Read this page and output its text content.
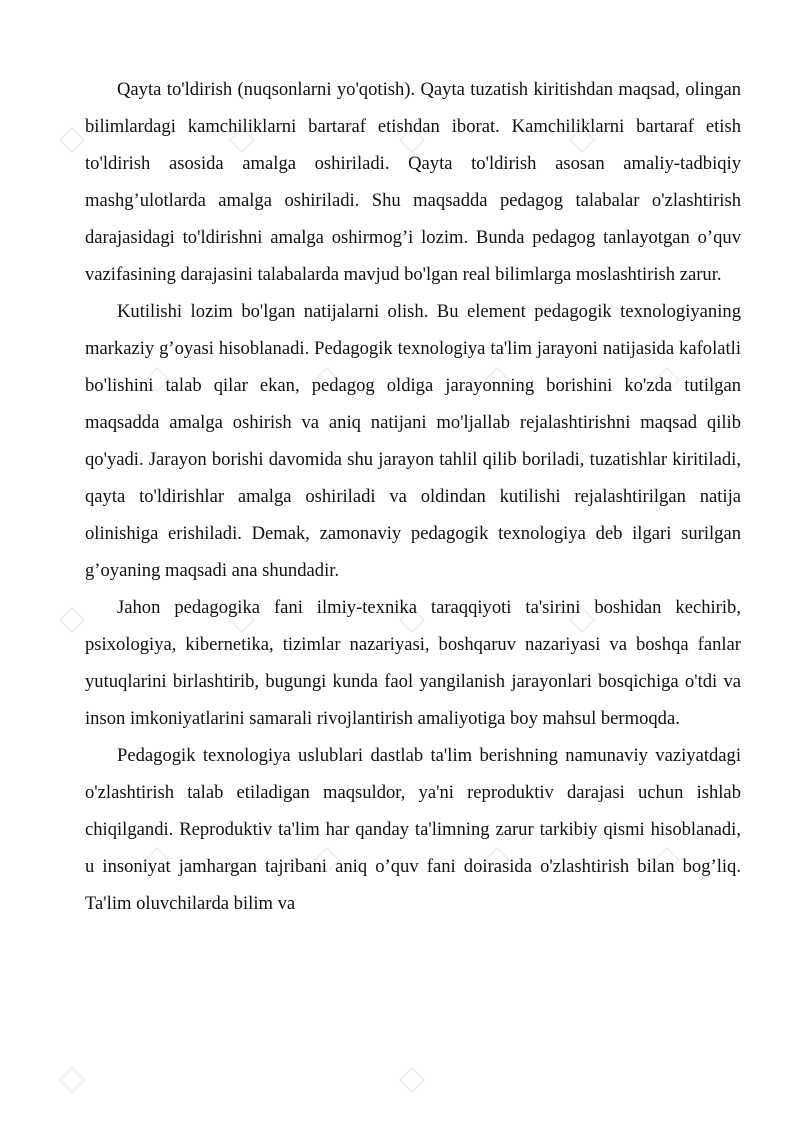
Qayta to'ldirish (nuqsonlarni yo'qotish). Qayta tuzatish kiritishdan maqsad, olingan bilimlardagi kamchiliklarni bartaraf etishdan iborat. Kamchiliklarni bartaraf etish to'ldirish asosida amalga oshiriladi. Qayta to'ldirish asosan amaliy-tadbiqiy mashg’ulotlarda amalga oshiriladi. Shu maqsadda pedagog talabalar o'zlashtirish darajasidagi to'ldirishni amalga oshirmog’i lozim. Bunda pedagog tanlayotgan o’quv vazifasining darajasini talabalarda mavjud bo'lgan real bilimlarga moslashtirish zarur.

Kutilishi lozim bo'lgan natijalarni olish. Bu element pedagogik texnologiyaning markaziy g’oyasi hisoblanadi. Pedagogik texnologiya ta'lim jarayoni natijasida kafolatli bo'lishini talab qilar ekan, pedagog oldiga jarayonning borishini ko'zda tutilgan maqsadda amalga oshirish va aniq natijani mo'ljallab rejalashtirishni maqsad qilib qo'yadi. Jarayon borishi davomida shu jarayon tahlil qilib boriladi, tuzatishlar kiritiladi, qayta to'ldirishlar amalga oshiriladi va oldindan kutilishi rejalashtirilgan natija olinishiga erishiladi. Demak, zamonaviy pedagogik texnologiya deb ilgari surilgan g’oyaning maqsadi ana shundadir.

Jahon pedagogika fani ilmiy-texnika taraqqiyoti ta'sirini boshidan kechirib, psixologiya, kibernetika, tizimlar nazariyasi, boshqaruv nazariyasi va boshqa fanlar yutuqlarini birlashtirib, bugungi kunda faol yangilanish jarayonlari bosqichiga o'tdi va inson imkoniyatlarini samarali rivojlantirish amaliyotiga boy mahsul bermoqda.

Pedagogik texnologiya uslublari dastlab ta'lim berishning namunaviy vaziyatdagi o'zlashtirish talab etiladigan maqsuldor, ya'ni reproduktiv darajasi uchun ishlab chiqilgandi. Reproduktiv ta'lim har qanday ta'limning zarur tarkibiy qismi hisoblanadi, u insoniyat jamhargan tajribani aniq o’quv fani doirasida o'zlashtirish bilan bog’liq. Ta'lim oluvchilarda bilim va
